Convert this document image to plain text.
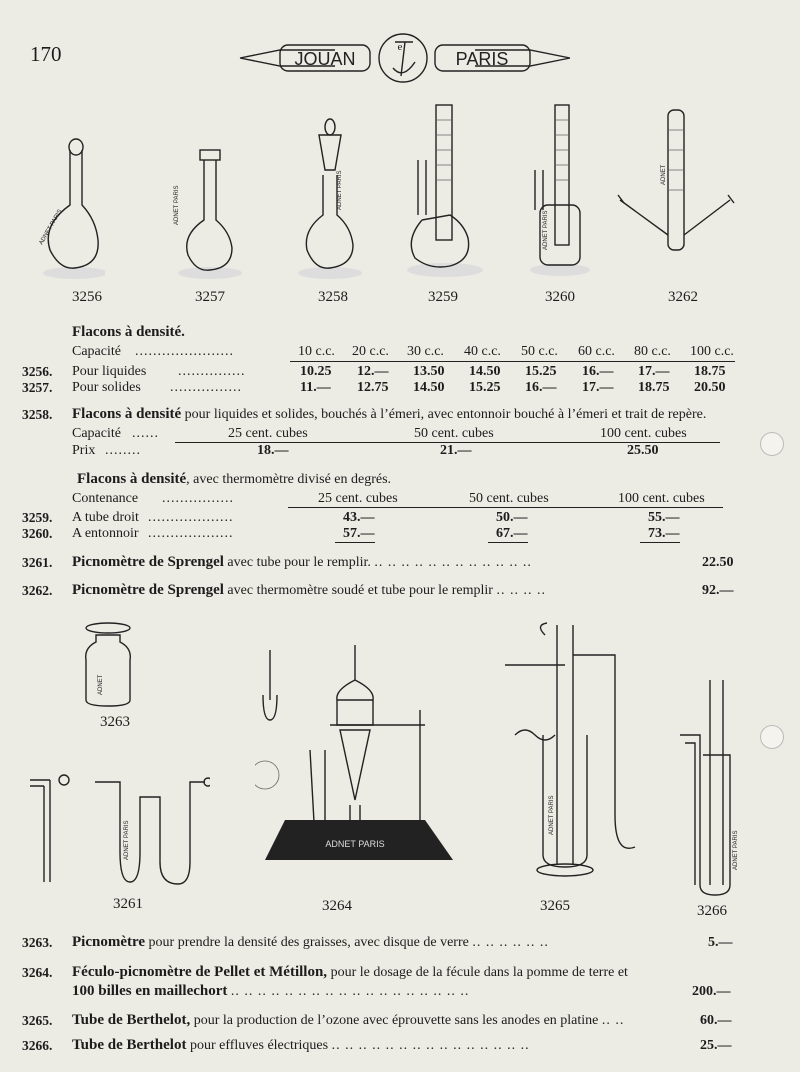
170	JOUAN	PARIS
e
ADNET PARIS
ADNET PARIS	ADNET PARIS
ADNET PARIS
ADNET
3256	3257	3258	3259	3260	3262
Flacons à densité.
Capacité ......................	10 c.c. 20 c.c. 30 c.c. 40 c.c. 50 c.c. 60 c.c. 80 c.c. 100 c.c.
3256. Pour liquides ...............	10.25 12.— 13.50 14.50 15.25 16.— 17.— 18.75
3257. Pour solides ................	11.— 12.75 14.50 15.25 16.— 17.— 18.75 20.50
3258. Flacons à densité pour liquides et solides, bouchés à l’émeri, avec entonnoir bouché à l’émeri et trait de repère.
Capacité ......	25 cent. cubes	50 cent. cubes	100 cent. cubes
Prix ........	18.—	21.—	25.50
Flacons à densité, avec thermomètre divisé en degrés.
Contenance ................	25 cent. cubes	50 cent. cubes	100 cent. cubes
3259. A tube droit ...................	43.—	50.—	55.—
3260. A entonnoir ...................	57.—	67.—	73.—
3261. Picnomètre de Sprengel avec tube pour le remplir. .. .. .. .. .. .. .. .. .. .. .. ..	22.50
3262. Picnomètre de Sprengel avec thermomètre soudé et tube pour le remplir .. .. .. ..	92.—
ADNET
3263
ADNET PARIS
3261
ADNET PARIS
3264
ADNET PARIS
3265
ADNET PARIS
3266
3263. Picnomètre pour prendre la densité des graisses, avec disque de verre .. .. .. .. .. ..	5.—
3264. Féculo-picnomètre de Pellet et Métillon, pour le dosage de la fécule dans la pomme de terre et
100 billes en maillechort .. .. .. .. .. .. .. .. .. .. .. .. .. .. .. .. .. ..	200.—
3265. Tube de Berthelot, pour la production de l’ozone avec éprouvette sans les anodes en platine .. ..	60.—
3266. Tube de Berthelot pour effluves électriques .. .. .. .. .. .. .. .. .. .. .. .. .. .. ..	25.—
